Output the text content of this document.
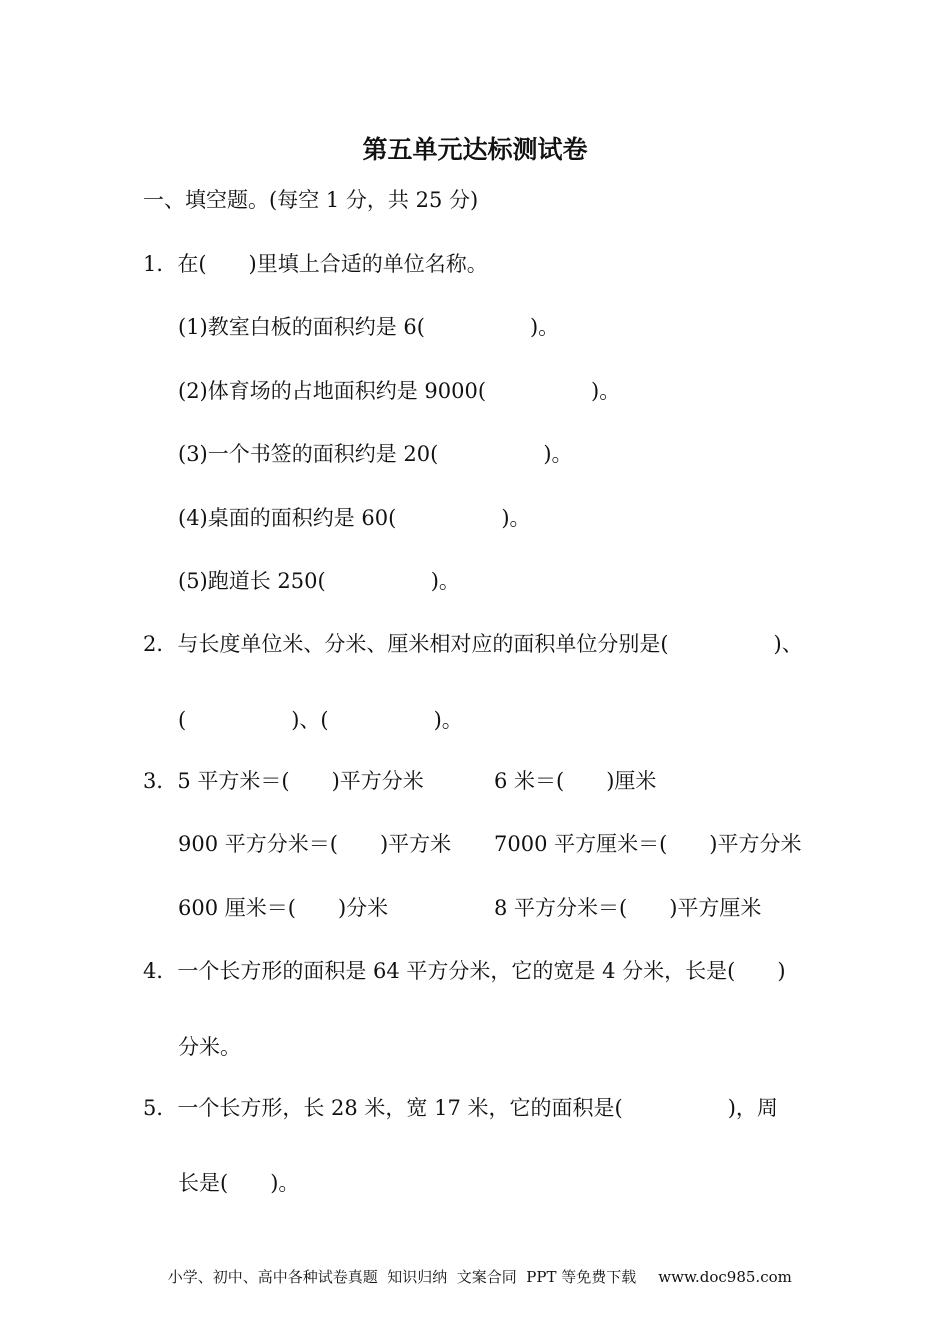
第五单元达标测试卷
一、填空题。(每空 1 分，共 25 分)
1．在(　　)里填上合适的单位名称。
(1)教室白板的面积约是 6(　　　　　)。
(2)体育场的占地面积约是 9000(　　　　　)。
(3)一个书签的面积约是 20(　　　　　)。
(4)桌面的面积约是 60(　　　　　)。
(5)跑道长 250(　　　　　)。
2．与长度单位米、分米、厘米相对应的面积单位分别是(　　　　　)、
(　　　　　)、(　　　　　)。
3．5 平方米＝(　　)平方分米	6 米＝(　　)厘米
900 平方分米＝(　　)平方米 7000 平方厘米＝(　　)平方分米
600 厘米＝(　　)分米	8 平方分米＝(　　)平方厘米
4．一个长方形的面积是 64 平方分米，它的宽是 4 分米，长是(　　)
分米。
5．一个长方形，长 28 米，宽 17 米，它的面积是(　　　　　)，周
长是(　　)。

小学、初中、高中各种试卷真题  知识归纳  文案合同  PPT 等免费下载 www.doc985.com
